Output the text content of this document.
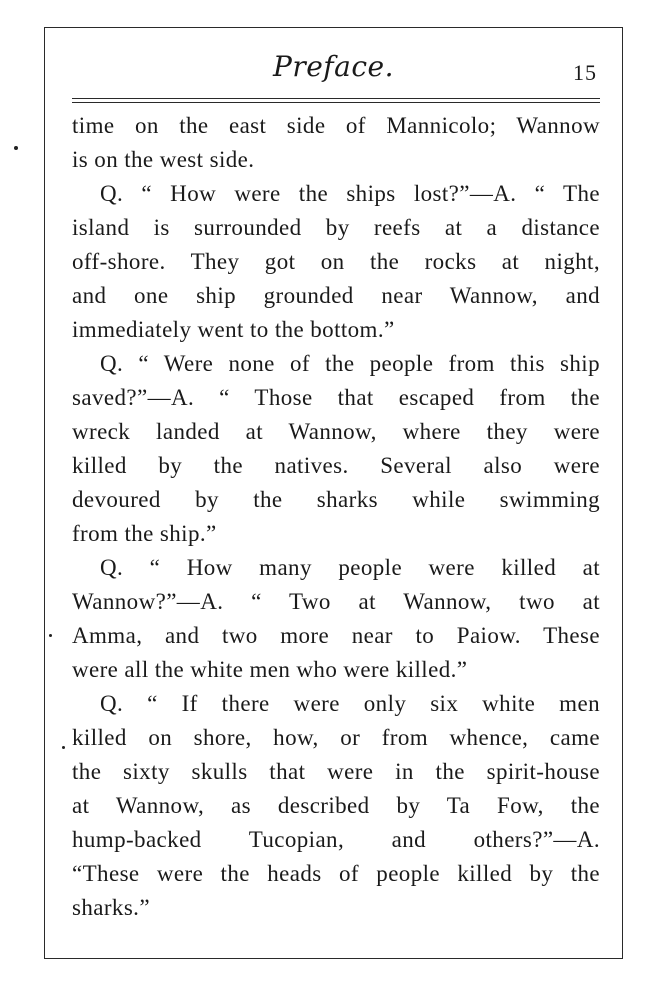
Preface.	15
time on the east side of Mannicolo; Wannow
is on the west side.
Q. “ How were the ships lost?”—A. “ The
island is surrounded by reefs at a distance
off-shore. They got on the rocks at night,
and one ship grounded near Wannow, and
immediately went to the bottom.”
Q. “ Were none of the people from this ship
saved?”—A. “ Those that escaped from the
wreck landed at Wannow, where they were
killed by the natives. Several also were
devoured by the sharks while swimming
from the ship.”
Q. “ How many people were killed at
Wannow?”—A. “ Two at Wannow, two at
Amma, and two more near to Paiow. These
were all the white men who were killed.”
Q. “ If there were only six white men
killed on shore, how, or from whence, came
the sixty skulls that were in the spirit-house
at Wannow, as described by Ta Fow, the
hump-backed Tucopian, and others?”—A.
“These were the heads of people killed by the
sharks.”
